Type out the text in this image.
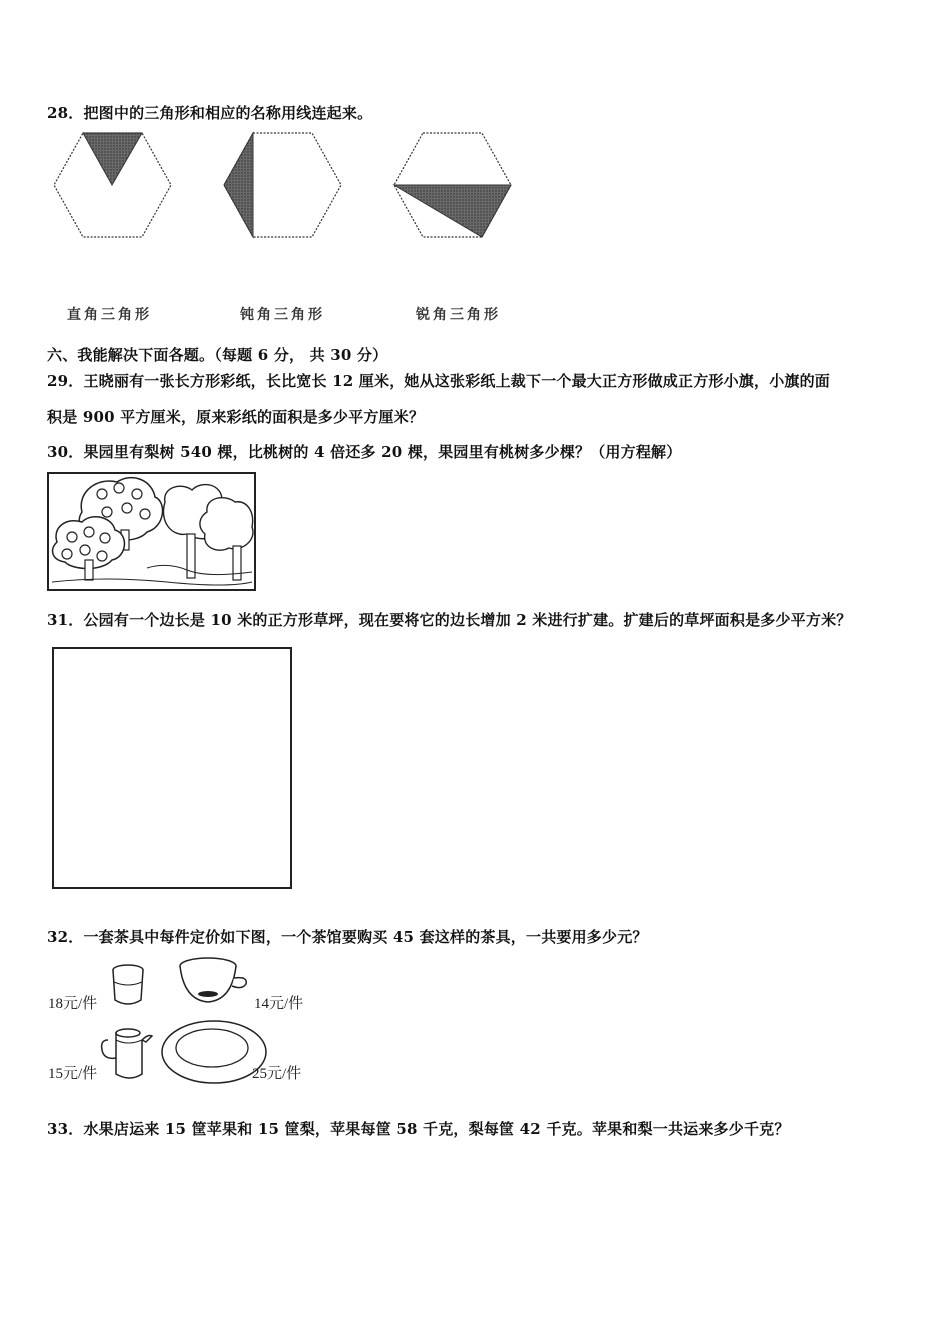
28．把图中的三角形和相应的名称用线连起来。
直角三角形	钝角三角形	锐角三角形
六、我能解决下面各题。（每题 6 分， 共 30 分）
29．王晓丽有一张长方形彩纸，长比宽长 12 厘米，她从这张彩纸上裁下一个最大正方形做成正方形小旗，小旗的面
积是 900 平方厘米，原来彩纸的面积是多少平方厘米？
30．果园里有梨树 540 棵，比桃树的 4 倍还多 20 棵，果园里有桃树多少棵？（用方程解）
31．公园有一个边长是 10 米的正方形草坪，现在要将它的边长增加 2 米进行扩建。扩建后的草坪面积是多少平方米？
32．一套茶具中每件定价如下图，一个茶馆要购买 45 套这样的茶具，一共要用多少元？
18元/件	14元/件
15元/件	25元/件
33．水果店运来 15 筐苹果和 15 筐梨，苹果每筐 58 千克，梨每筐 42 千克。苹果和梨一共运来多少千克？
